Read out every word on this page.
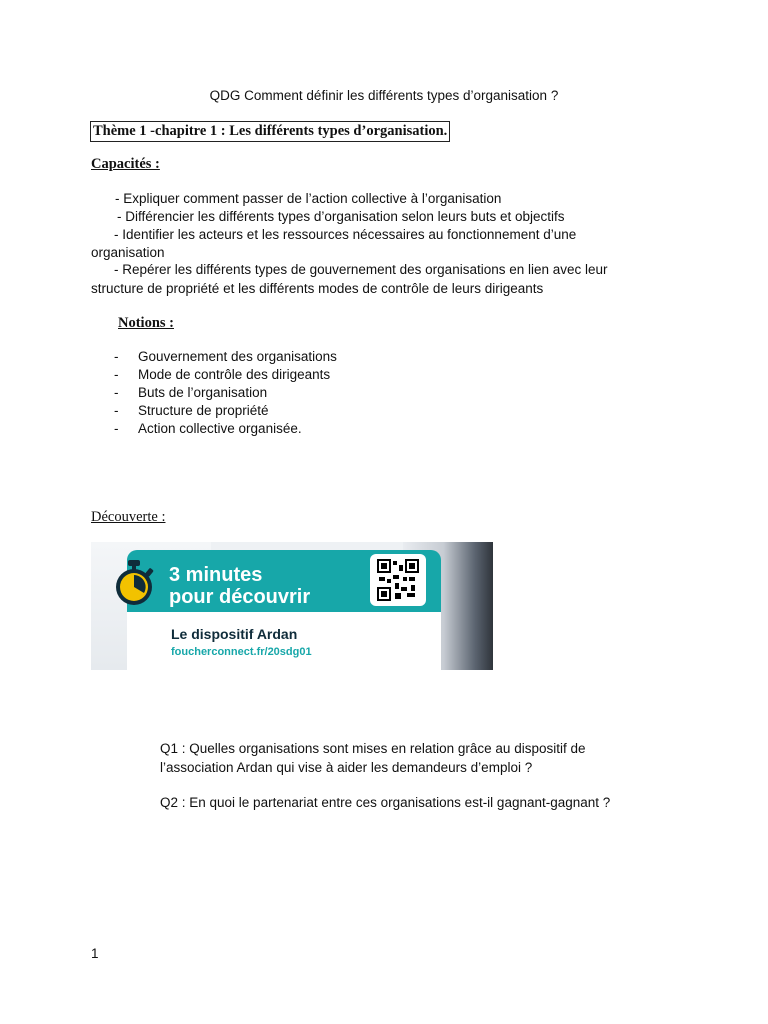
QDG Comment définir les différents types d’organisation ?
Thème 1 -chapitre 1 : Les différents types d’organisation.
Capacités :
- Expliquer comment passer de l’action collective à l’organisation
- Différencier les différents types d’organisation selon leurs buts et objectifs
- Identifier les acteurs et les ressources nécessaires au fonctionnement d’une
organisation
- Repérer les différents types de gouvernement des organisations en lien avec leur
structure de propriété et les différents modes de contrôle de leurs dirigeants
Notions :
- Gouvernement des organisations
- Mode de contrôle des dirigeants
- Buts de l’organisation
- Structure de propriété
- Action collective organisée.
Découverte :
3 minutes
pour découvrir
Le dispositif Ardan
foucherconnect.fr/20sdg01
Q1 : Quelles organisations sont mises en relation grâce au dispositif de
l’association Ardan qui vise à aider les demandeurs d’emploi ?
Q2 : En quoi le partenariat entre ces organisations est-il gagnant-gagnant ?
1
